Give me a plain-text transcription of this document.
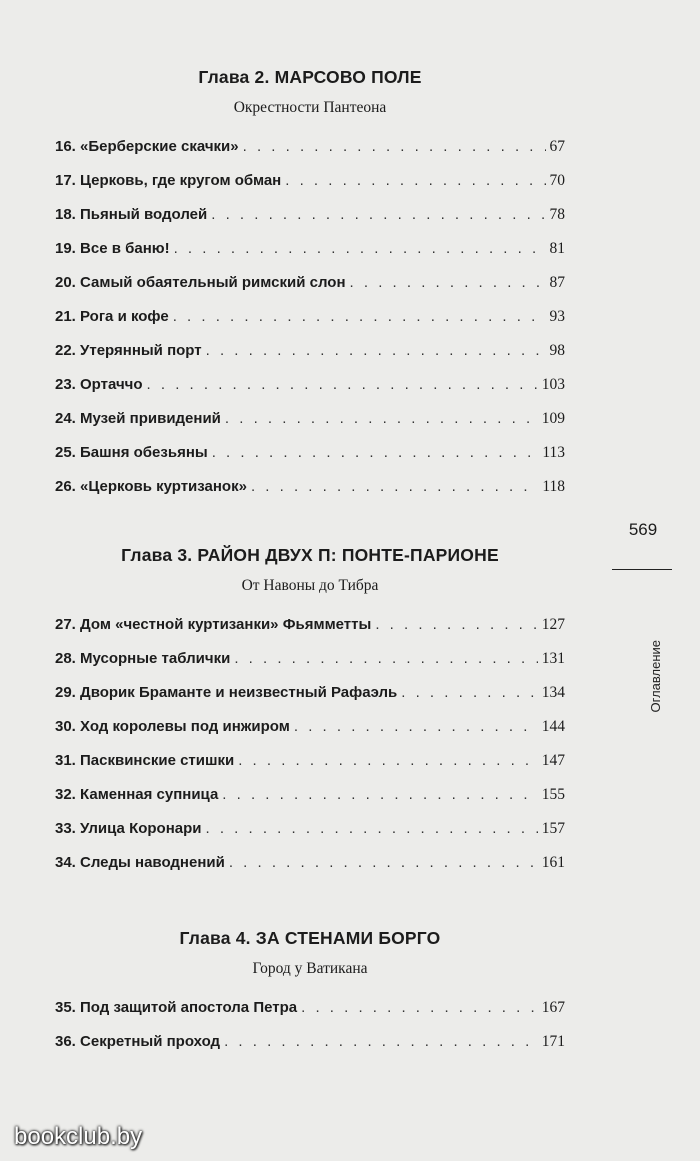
Глава 2. МАРСОВО ПОЛЕ
Окрестности Пантеона
16. «Берберские скачки» . . .	67
17. Церковь, где кругом обман . . .	70
18. Пьяный водолей . . .	78
19. Все в баню! . . .	81
20. Самый обаятельный римский слон . . .	87
21. Рога и кофе . . .	93
22. Утерянный порт . . .	98
23. Ортаччо . . .	103
24. Музей привидений . . .	109
25. Башня обезьяны . . .	113
26. «Церковь куртизанок» . . .	118
Глава 3. РАЙОН ДВУХ П: ПОНТЕ-ПАРИОНЕ
От Навоны до Тибра
27. Дом «честной куртизанки» Фьямметты . . .	127
28. Мусорные таблички . . .	131
29. Дворик Браманте и неизвестный Рафаэль . . .	134
30. Ход королевы под инжиром . . .	144
31. Пасквинские стишки . . .	147
32. Каменная супница . . .	155
33. Улица Коронари . . .	157
34. Следы наводнений . . .	161
Глава 4. ЗА СТЕНАМИ БОРГО
Город у Ватикана
35. Под защитой апостола Петра . . .	167
36. Секретный проход . . .	171
569
Оглавление
bookclub.by
